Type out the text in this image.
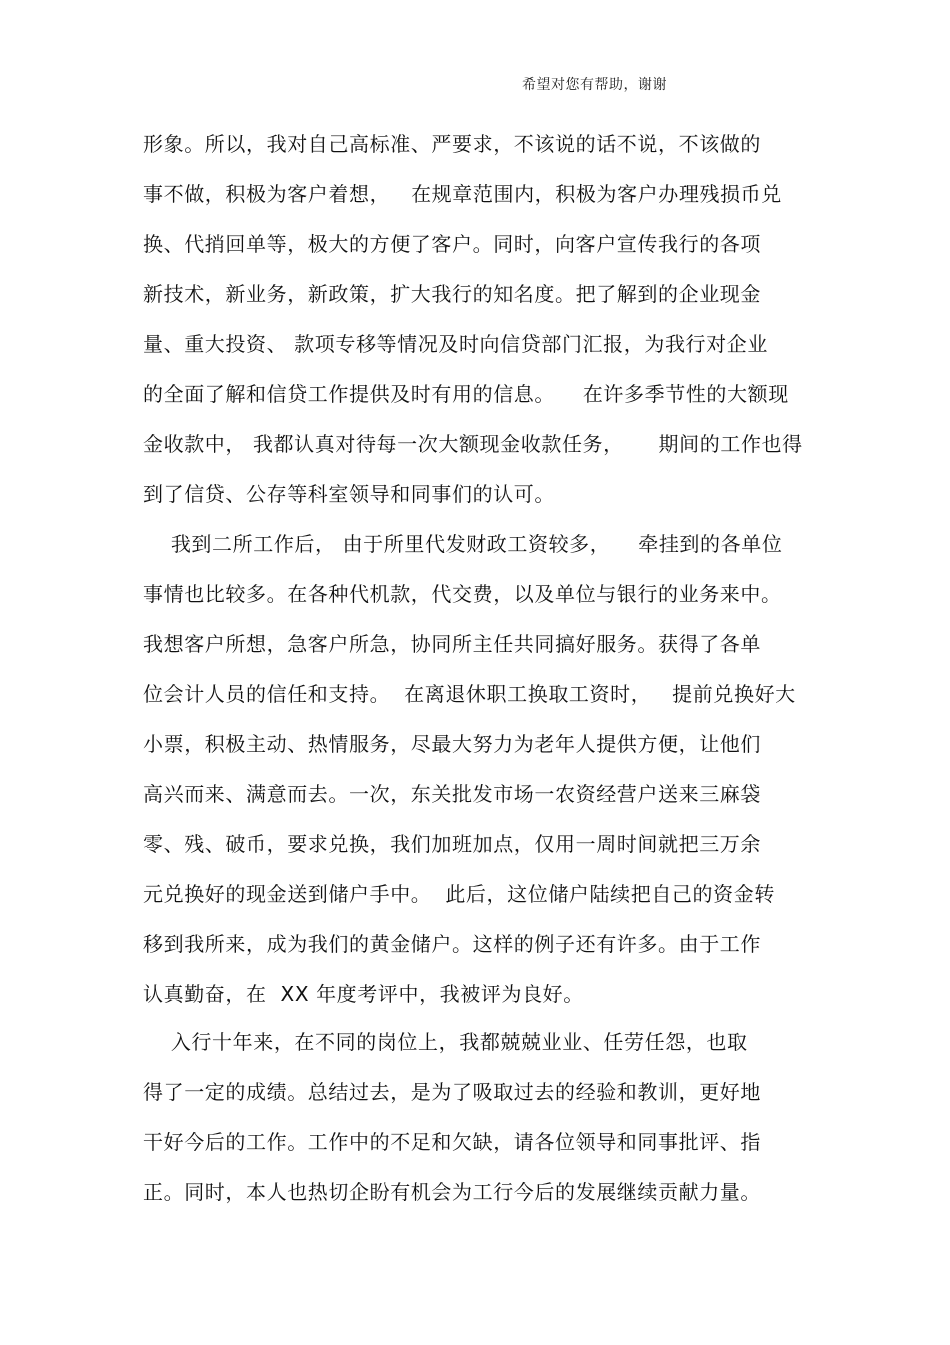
希望对您有帮助，谢谢
形象。所以，我对自己高标准、严要求，不该说的话不说，不该做的
事不做，积极为客户着想，   在规章范围内，积极为客户办理残损币兑
换、代捎回单等，极大的方便了客户。同时，向客户宣传我行的各项
新技术，新业务，新政策，扩大我行的知名度。把了解到的企业现金
量、重大投资、 款项专移等情况及时向信贷部门汇报，为我行对企业
的全面了解和信贷工作提供及时有用的信息。    在许多季节性的大额现
金收款中， 我都认真对待每一次大额现金收款任务，     期间的工作也得
到了信贷、公存等科室领导和同事们的认可。
我到二所工作后， 由于所里代发财政工资较多，    牵挂到的各单位
事情也比较多。在各种代机款，代交费，以及单位与银行的业务来中。
我想客户所想，急客户所急，协同所主任共同搞好服务。获得了各单
位会计人员的信任和支持。  在离退休职工换取工资时，   提前兑换好大
小票，积极主动、热情服务，尽最大努力为老年人提供方便，让他们
高兴而来、满意而去。一次，东关批发市场一农资经营户送来三麻袋
零、残、破币，要求兑换，我们加班加点，仅用一周时间就把三万余
元兑换好的现金送到储户手中。  此后，这位储户陆续把自己的资金转
移到我所来，成为我们的黄金储户。这样的例子还有许多。由于工作
认真勤奋，在  XX 年度考评中，我被评为良好。
入行十年来，在不同的岗位上，我都兢兢业业、任劳任怨，也取
得了一定的成绩。总结过去，是为了吸取过去的经验和教训，更好地
干好今后的工作。工作中的不足和欠缺，请各位领导和同事批评、指
正。同时，本人也热切企盼有机会为工行今后的发展继续贡献力量。
